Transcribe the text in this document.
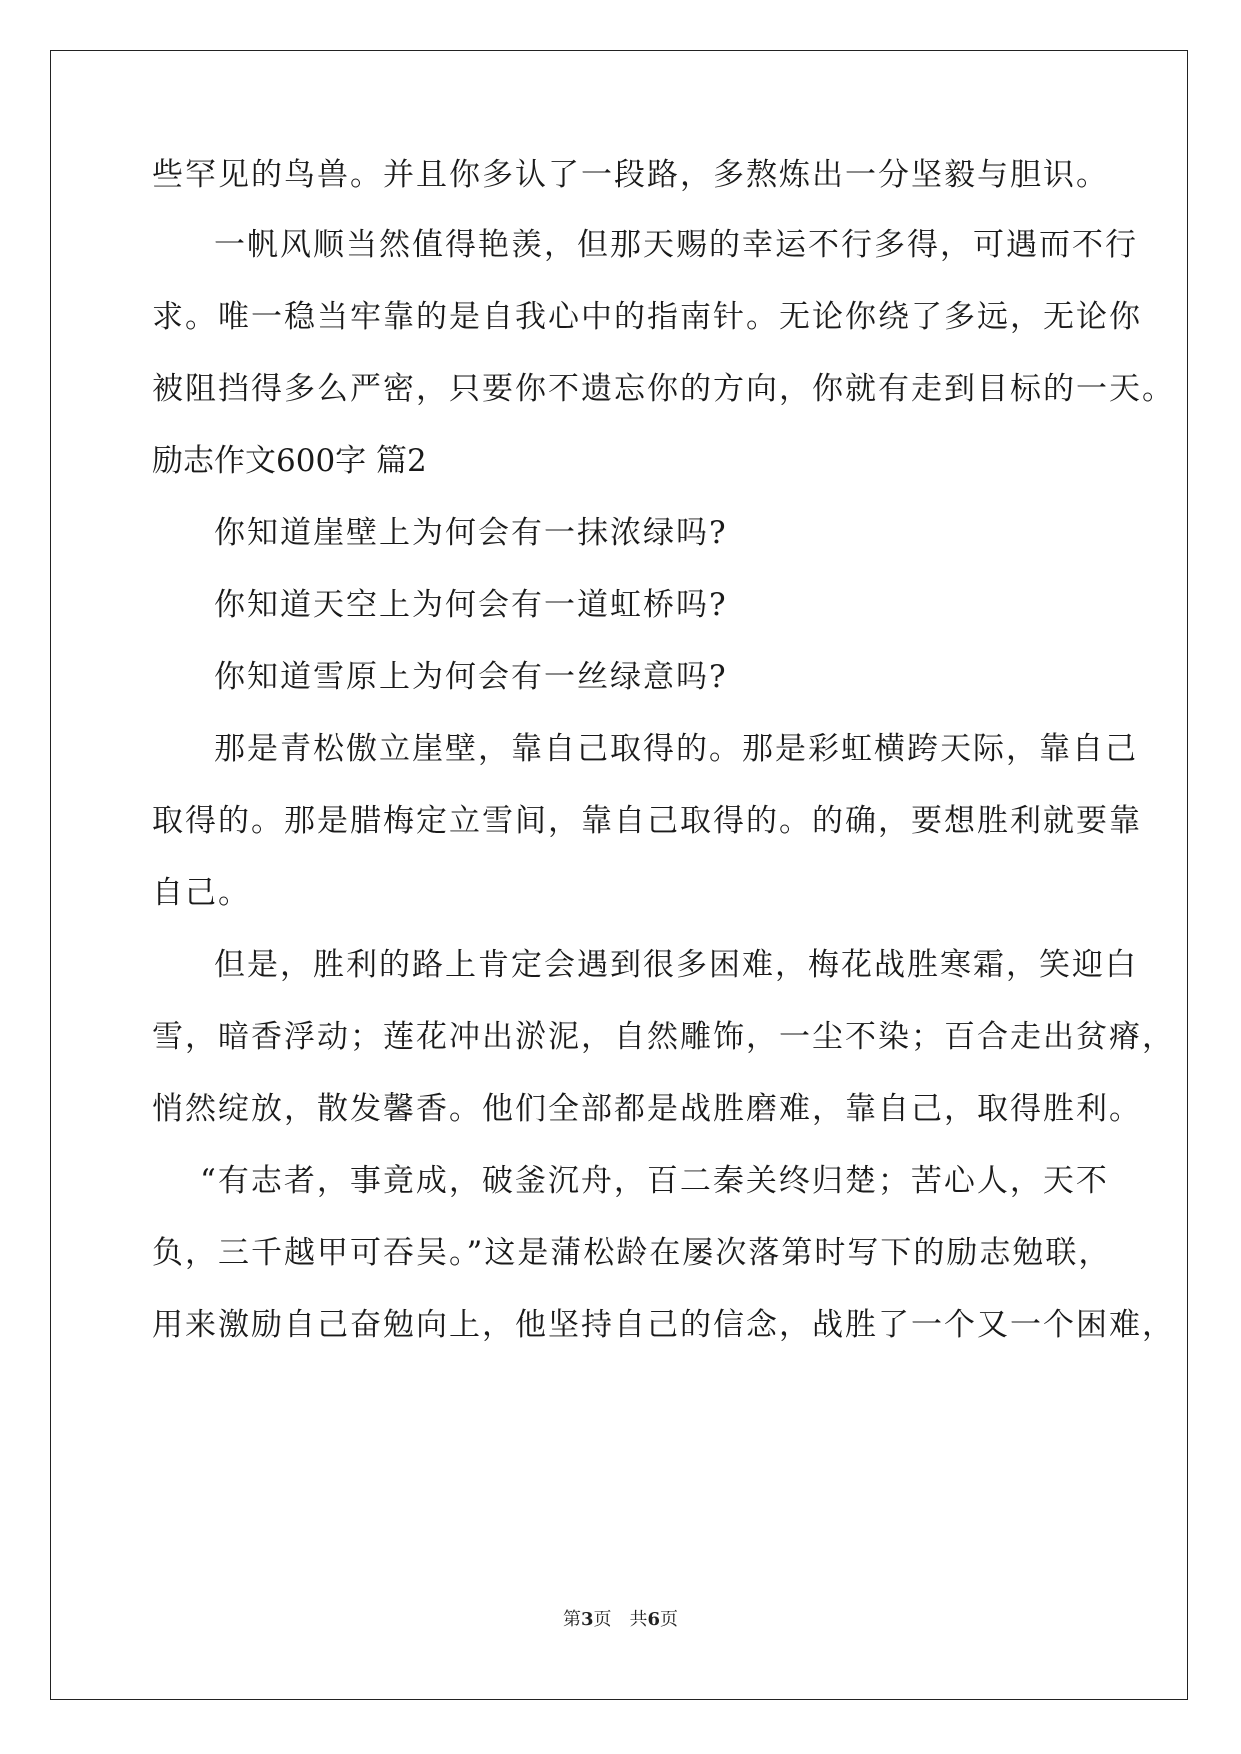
些罕见的鸟兽。并且你多认了一段路，多熬炼出一分坚毅与胆识。
一帆风顺当然值得艳羡，但那天赐的幸运不行多得，可遇而不行
求。唯一稳当牢靠的是自我心中的指南针。无论你绕了多远，无论你
被阻挡得多么严密，只要你不遗忘你的方向，你就有走到目标的一天。
励志作文600字 篇2
你知道崖壁上为何会有一抹浓绿吗?
你知道天空上为何会有一道虹桥吗?
你知道雪原上为何会有一丝绿意吗?
那是青松傲立崖壁，靠自己取得的。那是彩虹横跨天际，靠自己
取得的。那是腊梅定立雪间，靠自己取得的。的确，要想胜利就要靠
自己。
但是，胜利的路上肯定会遇到很多困难，梅花战胜寒霜，笑迎白
雪，暗香浮动；莲花冲出淤泥，自然雕饰，一尘不染；百合走出贫瘠，
悄然绽放，散发馨香。他们全部都是战胜磨难，靠自己，取得胜利。
“有志者，事竟成，破釜沉舟，百二秦关终归楚；苦心人，天不
负，三千越甲可吞吴。”这是蒲松龄在屡次落第时写下的励志勉联，
用来激励自己奋勉向上，他坚持自己的信念，战胜了一个又一个困难，
第3页　共6页
